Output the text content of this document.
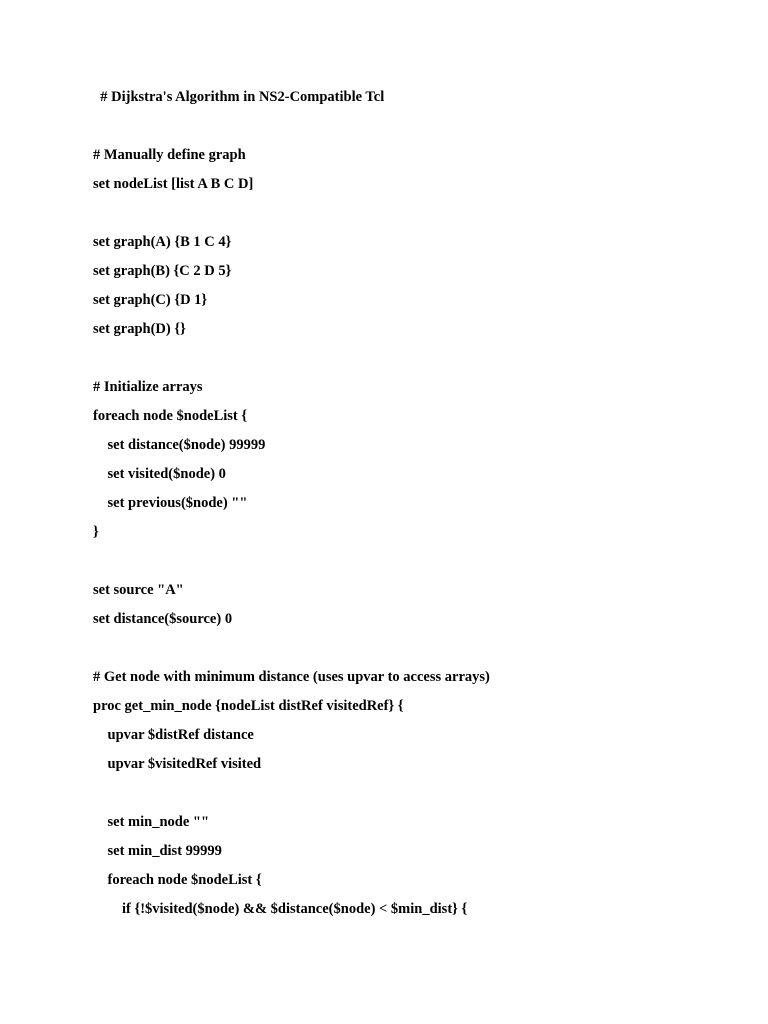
# Dijkstra's Algorithm in NS2-Compatible Tcl
# Manually define graph
set nodeList [list A B C D]
set graph(A) {B 1 C 4}
set graph(B) {C 2 D 5}
set graph(C) {D 1}
set graph(D) {}
# Initialize arrays
foreach node $nodeList {
set distance($node) 99999
set visited($node) 0
set previous($node) ""
}
set source "A"
set distance($source) 0
# Get node with minimum distance (uses upvar to access arrays)
proc get_min_node {nodeList distRef visitedRef} {
upvar $distRef distance
upvar $visitedRef visited
set min_node ""
set min_dist 99999
foreach node $nodeList {
if {!$visited($node) && $distance($node) < $min_dist} {
